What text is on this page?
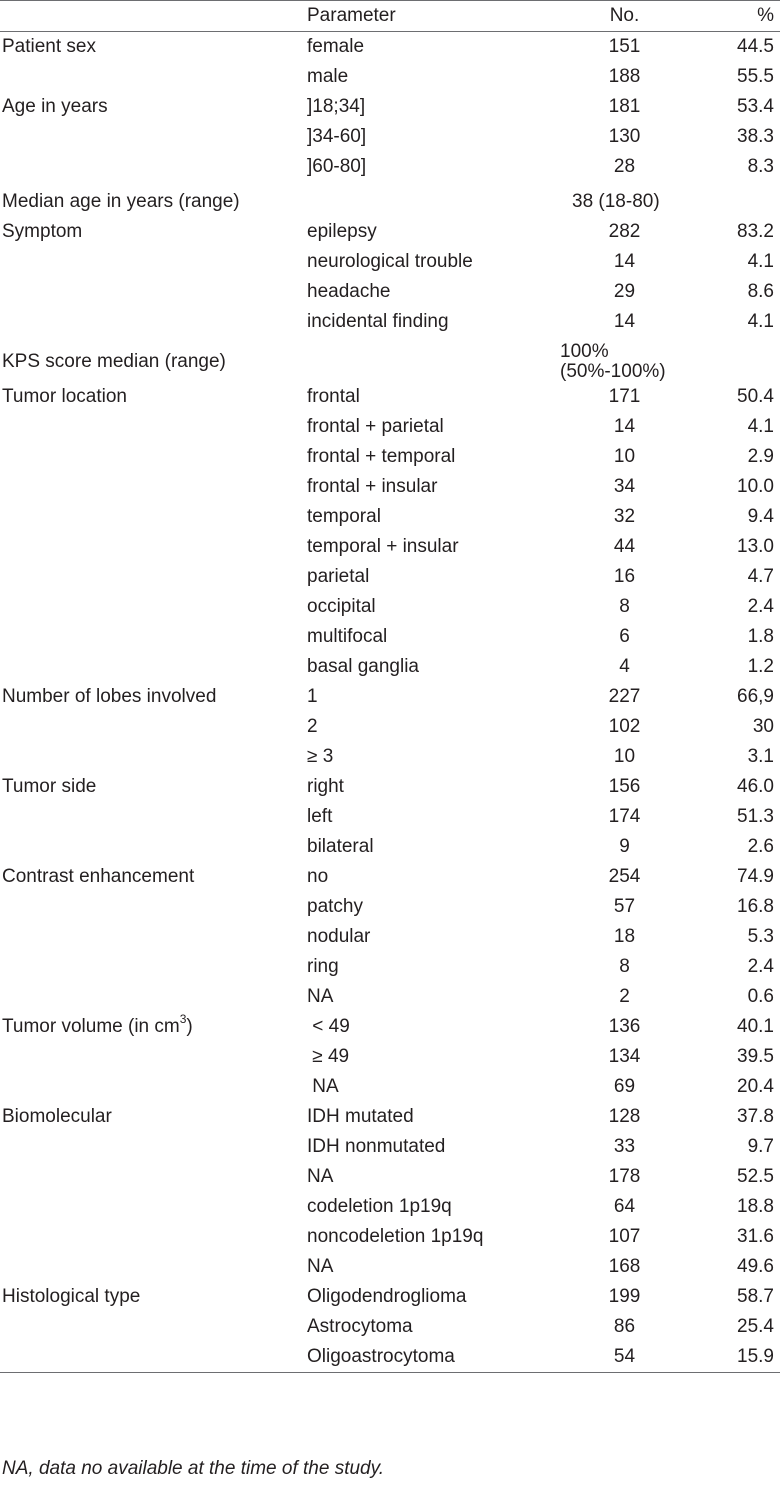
	Parameter	No.	%
Patient sex	female	151	44.5
	male	188	55.5
Age in years	]18;34]	181	53.4
	]34-60]	130	38.3
	]60-80]	28	8.3
Median age in years (range)		38 (18-80)	
Symptom	epilepsy	282	83.2
	neurological trouble	14	4.1
	headache	29	8.6
	incidental finding	14	4.1
KPS score median (range)		100% (50%-100%)	
Tumor location	frontal	171	50.4
	frontal + parietal	14	4.1
	frontal + temporal	10	2.9
	frontal + insular	34	10.0
	temporal	32	9.4
	temporal + insular	44	13.0
	parietal	16	4.7
	occipital	8	2.4
	multifocal	6	1.8
	basal ganglia	4	1.2
Number of lobes involved	1	227	66,9
	2	102	30
	≥ 3	10	3.1
Tumor side	right	156	46.0
	left	174	51.3
	bilateral	9	2.6
Contrast enhancement	no	254	74.9
	patchy	57	16.8
	nodular	18	5.3
	ring	8	2.4
	NA	2	0.6
Tumor volume (in $cm^3$)	< 49	136	40.1
	≥ 49	134	39.5
	NA	69	20.4
Biomolecular	IDH mutated	128	37.8
	IDH nonmutated	33	9.7
	NA	178	52.5
	codeletion 1p19q	64	18.8
	noncodeletion 1p19q	107	31.6
	NA	168	49.6
Histological type	Oligodendroglioma	199	58.7
	Astrocytoma	86	25.4
	Oligoastrocytoma	54	15.9
NA, data no available at the time of the study.
